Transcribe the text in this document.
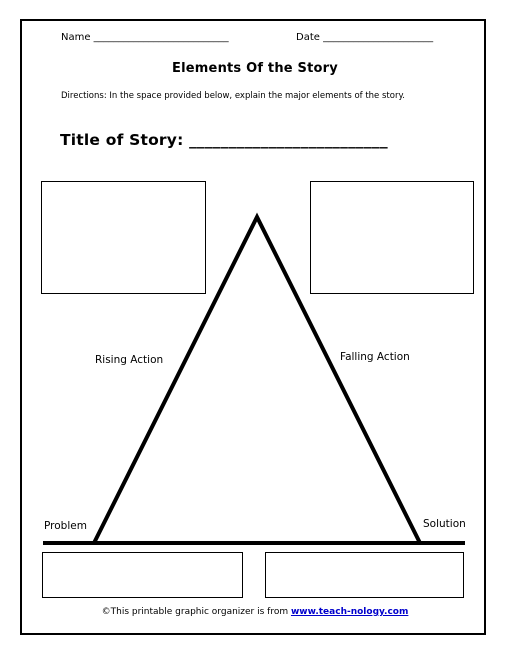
Name ___________________________	Date ______________________
Elements Of the Story
Directions: In the space provided below, explain the major elements of the story.
Title of Story: _________________________
Rising Action	Falling Action
Problem	Solution
©This printable graphic organizer is from www.teach-nology.com
